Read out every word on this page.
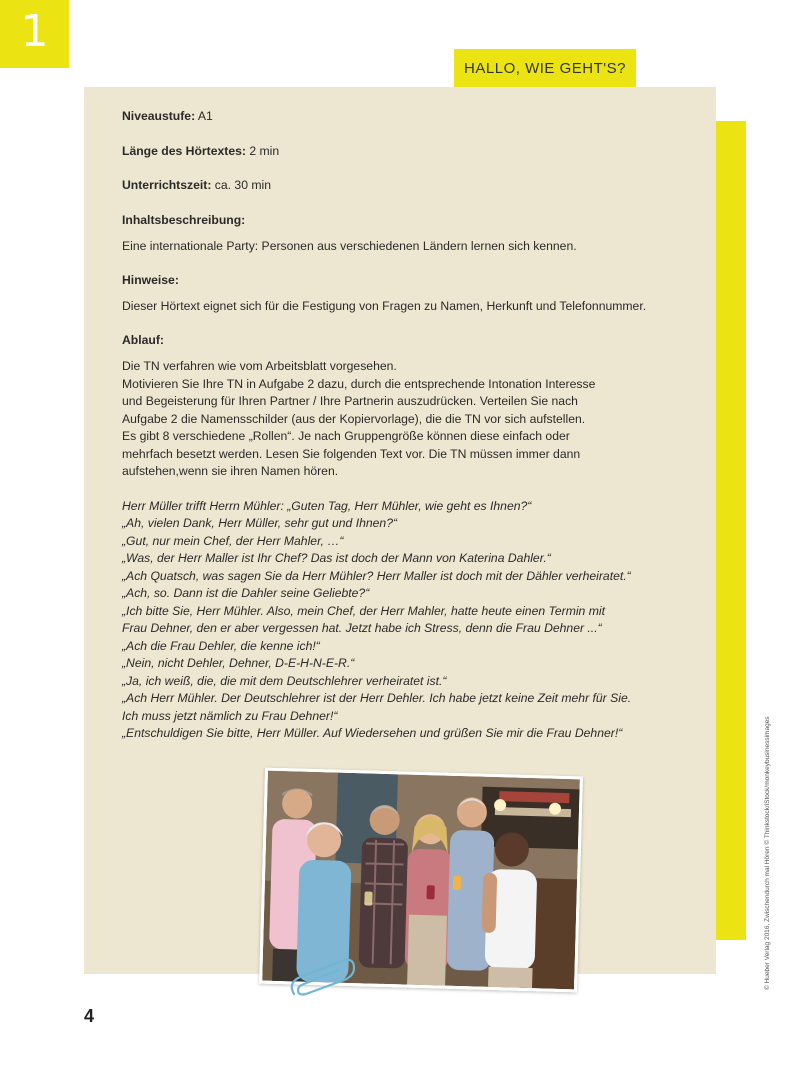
1
HALLO, WIE GEHT'S?

Niveaustufe: A1

Länge des Hörtextes: 2 min

Unterrichtszeit: ca. 30 min

Inhaltsbeschreibung:

Eine internationale Party: Personen aus verschiedenen Ländern lernen sich kennen.

Hinweise:

Dieser Hörtext eignet sich für die Festigung von Fragen zu Namen, Herkunft und Telefonnummer.

Ablauf:

Die TN verfahren wie vom Arbeitsblatt vorgesehen.
Motivieren Sie Ihre TN in Aufgabe 2 dazu, durch die entsprechende Intonation Interesse
und Begeisterung für Ihren Partner / Ihre Partnerin auszudrücken. Verteilen Sie nach
Aufgabe 2 die Namensschilder (aus der Kopiervorlage), die die TN vor sich aufstellen.
Es gibt 8 verschiedene „Rollen“. Je nach Gruppengröße können diese einfach oder
mehrfach besetzt werden. Lesen Sie folgenden Text vor. Die TN müssen immer dann
aufstehen,wenn sie ihren Namen hören.
Herr Müller trifft Herrn Mühler: „Guten Tag, Herr Mühler, wie geht es Ihnen?“
„Ah, vielen Dank, Herr Müller, sehr gut und Ihnen?“
„Gut, nur mein Chef, der Herr Mahler, …“
„Was, der Herr Maller ist Ihr Chef? Das ist doch der Mann von Katerina Dahler.“
„Ach Quatsch, was sagen Sie da Herr Mühler? Herr Maller ist doch mit der Dähler verheiratet.“
„Ach, so. Dann ist die Dahler seine Geliebte?“
„Ich bitte Sie, Herr Mühler. Also, mein Chef, der Herr Mahler, hatte heute einen Termin mit
Frau Dehner, den er aber vergessen hat. Jetzt habe ich Stress, denn die Frau Dehner ...“
„Ach die Frau Dehler, die kenne ich!“
„Nein, nicht Dehler, Dehner, D-E-H-N-E-R.“
„Ja, ich weiß, die, die mit dem Deutschlehrer verheiratet ist.“
„Ach Herr Mühler. Der Deutschlehrer ist der Herr Dehler. Ich habe jetzt keine Zeit mehr für Sie.
Ich muss jetzt nämlich zu Frau Dehner!“
„Entschuldigen Sie bitte, Herr Müller. Auf Wiedersehen und grüßen Sie mir die Frau Dehner!“
4
© Hueber Verlag 2016, Zwischendurch mal Hören © Thinkstock/iStock/monkeybusinessimages
